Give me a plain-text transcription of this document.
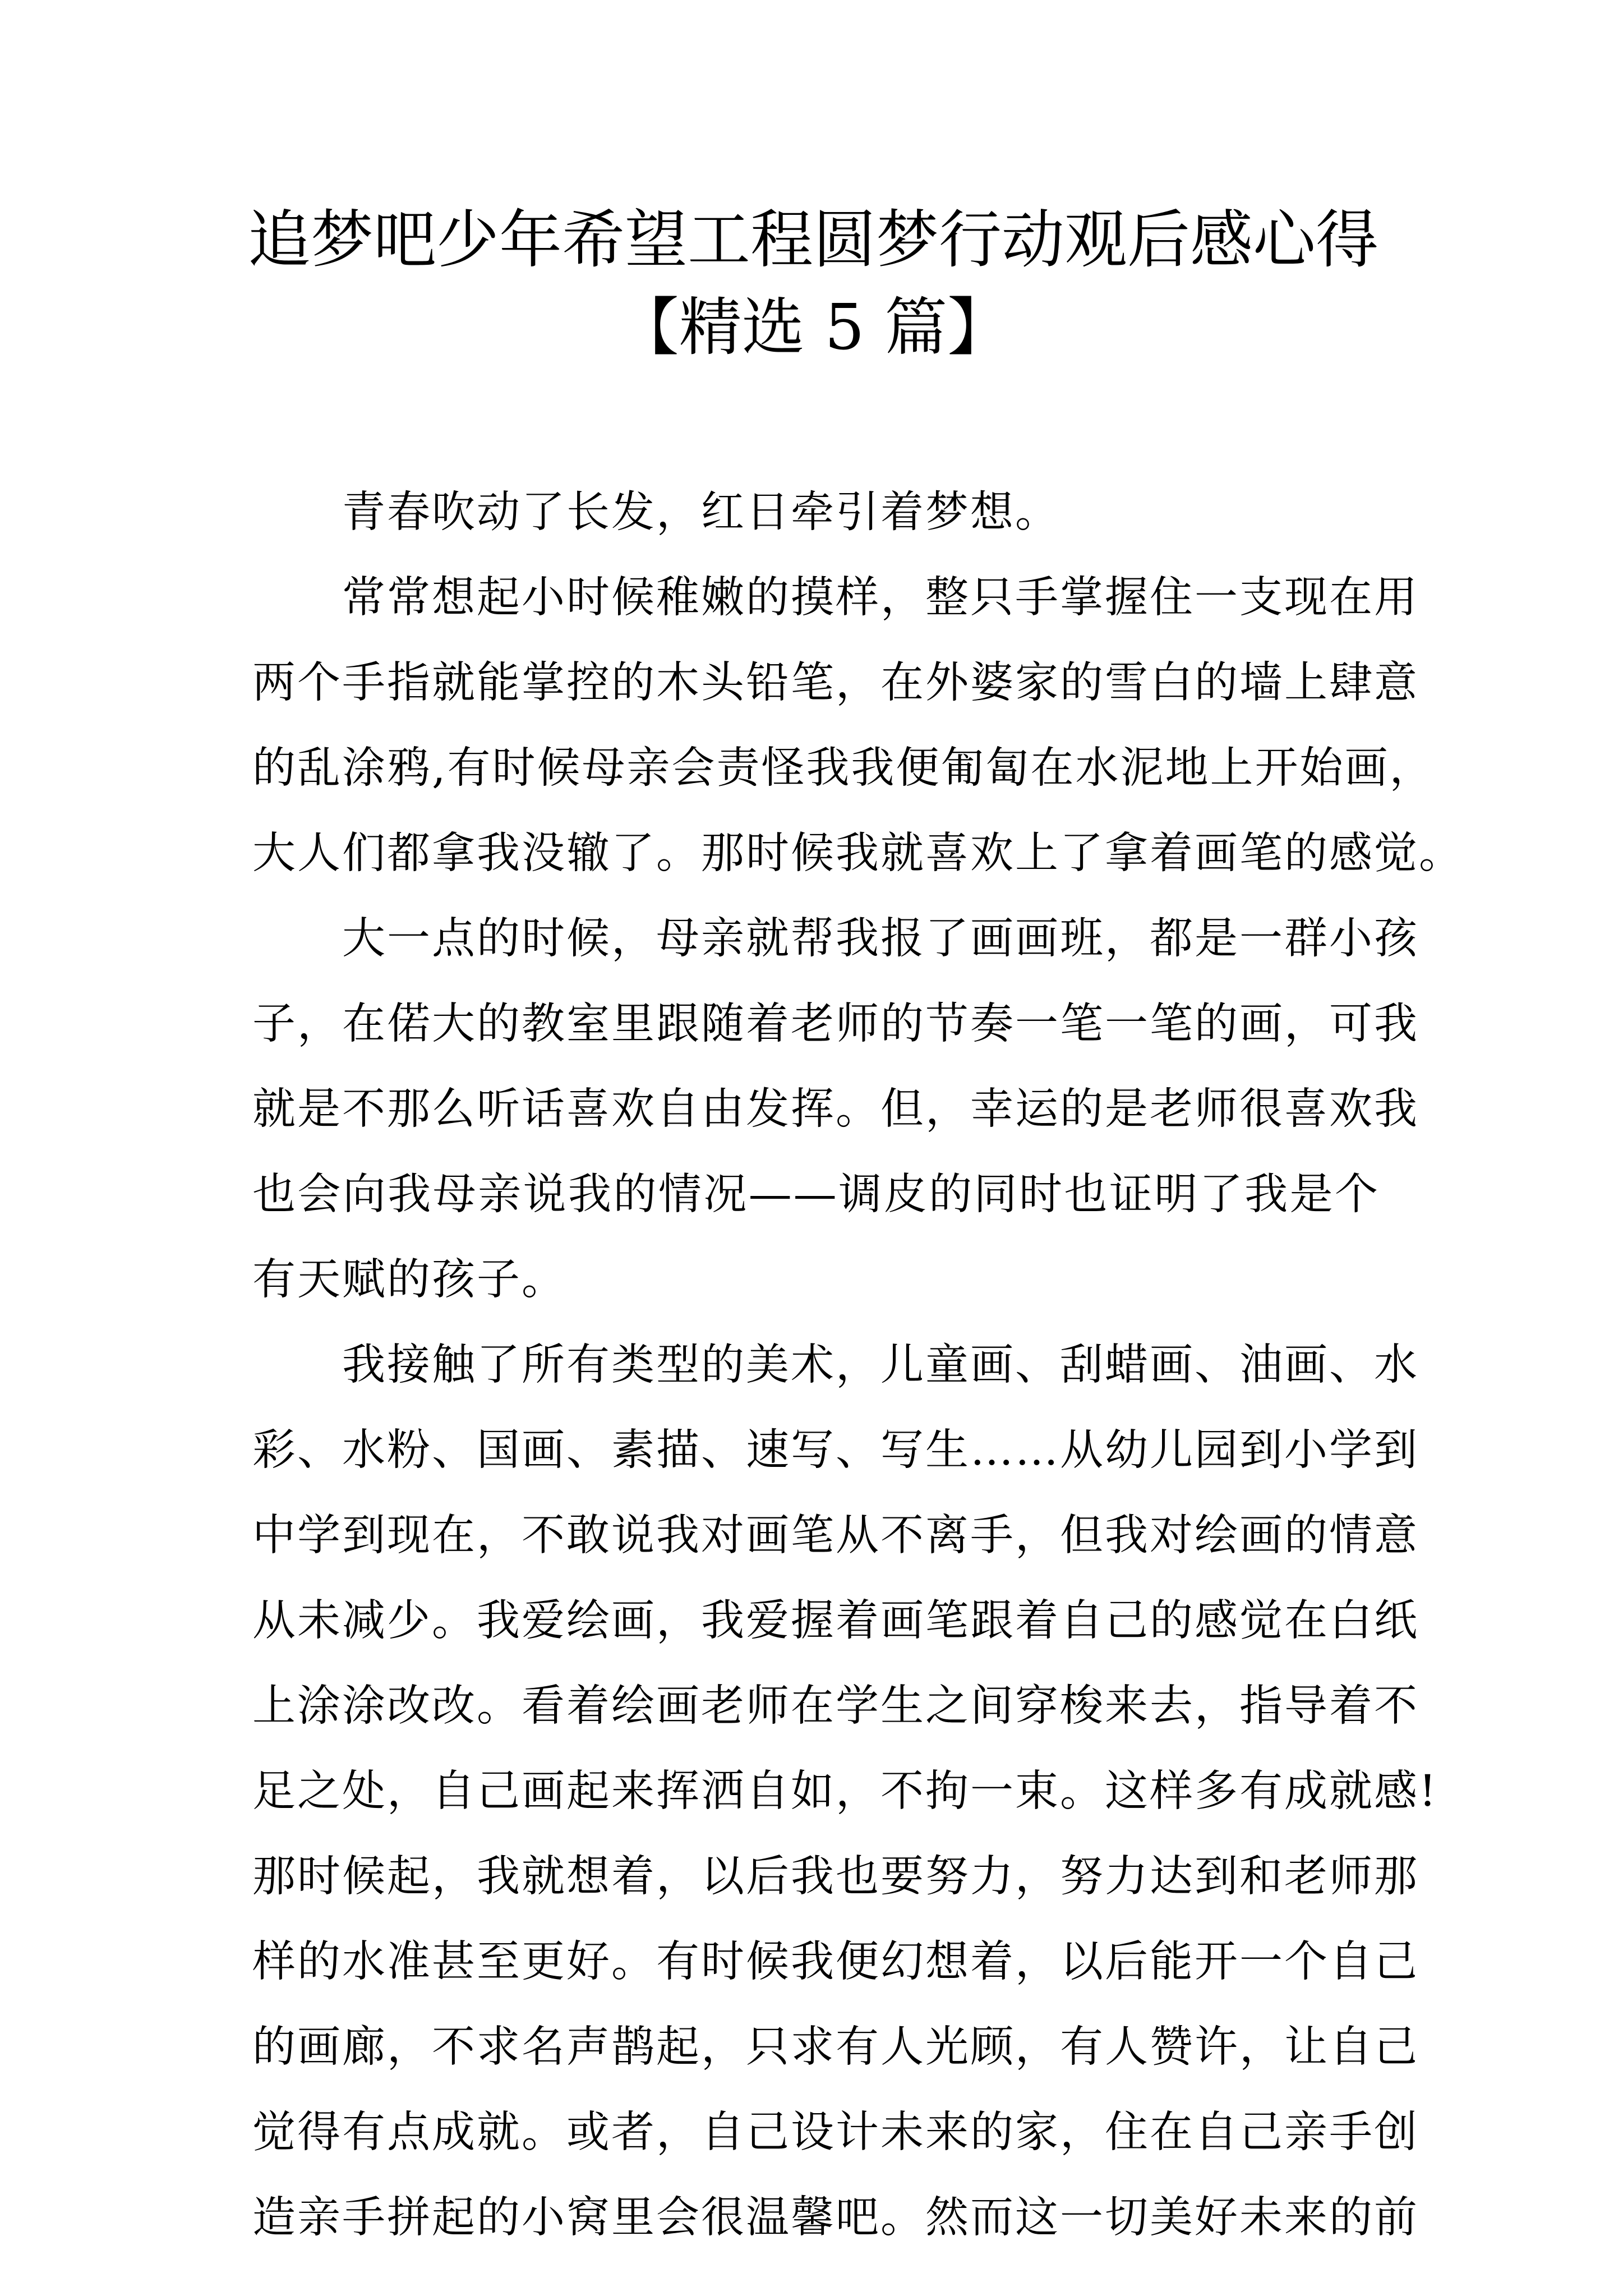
追梦吧少年希望工程圆梦行动观后感心得
【精选 5 篇】
青春吹动了长发，红日牵引着梦想。
常常想起小时候稚嫩的摸样，整只手掌握住一支现在用
两个手指就能掌控的木头铅笔，在外婆家的雪白的墙上肆意
的乱涂鸦,有时候母亲会责怪我我便匍匐在水泥地上开始画，
大人们都拿我没辙了。那时候我就喜欢上了拿着画笔的感觉。
大一点的时候，母亲就帮我报了画画班，都是一群小孩
子，在偌大的教室里跟随着老师的节奏一笔一笔的画，可我
就是不那么听话喜欢自由发挥。但，幸运的是老师很喜欢我
也会向我母亲说我的情况——调皮的同时也证明了我是个
有天赋的孩子。
我接触了所有类型的美术，儿童画、刮蜡画、油画、水
彩、水粉、国画、素描、速写、写生……从幼儿园到小学到
中学到现在，不敢说我对画笔从不离手，但我对绘画的情意
从未减少。我爱绘画，我爱握着画笔跟着自己的感觉在白纸
上涂涂改改。看着绘画老师在学生之间穿梭来去，指导着不
足之处，自己画起来挥洒自如，不拘一束。这样多有成就感!
那时候起，我就想着，以后我也要努力，努力达到和老师那
样的水准甚至更好。有时候我便幻想着，以后能开一个自己
的画廊，不求名声鹊起，只求有人光顾，有人赞许，让自己
觉得有点成就。或者，自己设计未来的家，住在自己亲手创
造亲手拼起的小窝里会很温馨吧。然而这一切美好未来的前
